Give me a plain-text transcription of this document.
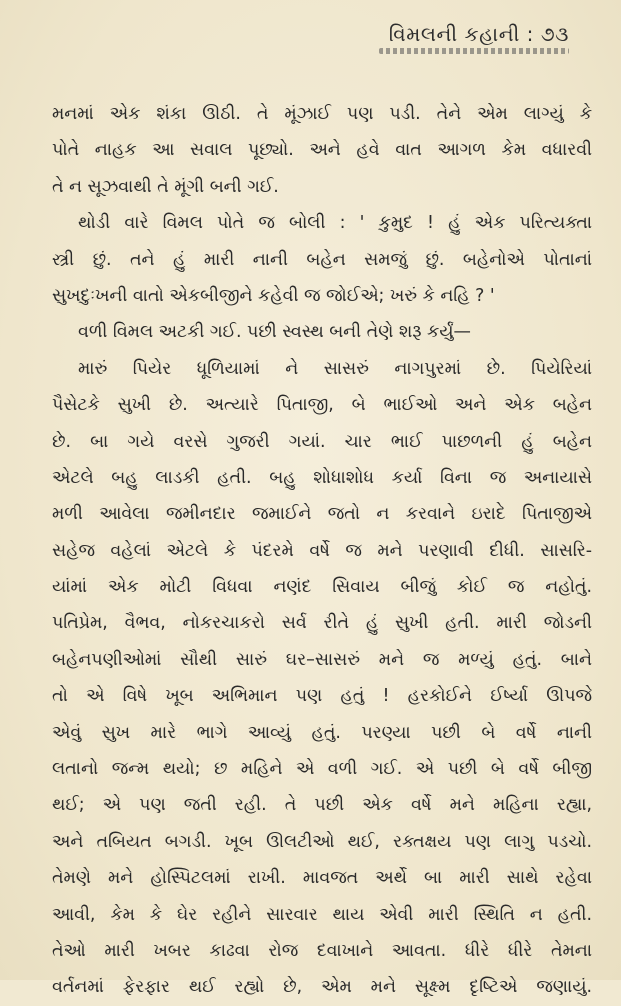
વિમલની કહાની : ૭૩
મનમાં એક શંકા ઊઠી. તે મૂંઝાઈ પણ પડી. તેને એમ લાગ્યું કે
પોતે નાહક આ સવાલ પૂછ્યો. અને હવે વાત આગળ કેમ વધારવી
તે ન સૂઝવાથી તે મૂંગી બની ગઈ.
થોડી વારે વિમલ પોતે જ બોલી : ' કુમુદ ! હું એક પરિત્યક્તા
સ્ત્રી છું. તને હું મારી નાની બહેન સમજું છું. બહેનોએ પોતાનાં
સુખદુઃખની વાતો એકબીજીને કહેવી જ જોઈએ; ખરું કે નહિ ? '
વળી વિમલ અટકી ગઈ. પછી સ્વસ્થ બની તેણે શરૂ કર્યું—
મારું પિયેર ધૂળિયામાં ને સાસરું નાગપુરમાં છે. પિયેરિયાં
પૈસેટકે સુખી છે. અત્યારે પિતાજી, બે ભાઈઓ અને એક બહેન
છે. બા ગયે વરસે ગુજરી ગયાં. ચાર ભાઈ પાછળની હું બહેન
એટલે બહુ લાડકી હતી. બહુ શોધાશોધ કર્યા વિના જ અનાયાસે
મળી આવેલા જમીનદાર જમાઈને જતો ન કરવાને ઇરાદે પિતાજીએ
સહેજ વહેલાં એટલે કે પંદરમે વર્ષે જ મને પરણાવી દીધી. સાસરિ-
યાંમાં એક મોટી વિધવા નણંદ સિવાય બીજું કોઈ જ નહોતું.
પતિપ્રેમ, વૈભવ, નોકરચાકરો સર્વ રીતે હું સુખી હતી. મારી જોડની
બહેનપણીઓમાં સૌથી સારું ઘર–સાસરું મને જ મળ્યું હતું. બાને
તો એ વિષે ખૂબ અભિમાન પણ હતું ! હરકોઈને ઈર્ષ્યા ઊપજે
એવું સુખ મારે ભાગે આવ્યું હતું. પરણ્યા પછી બે વર્ષે નાની
લતાનો જન્મ થયો; છ મહિને એ વળી ગઈ. એ પછી બે વર્ષે બીજી
થઈ; એ પણ જતી રહી. તે પછી એક વર્ષે મને મહિના રહ્યા,
અને તબિયત બગડી. ખૂબ ઊલટીઓ થઈ, રક્તક્ષય પણ લાગુ પડચો.
તેમણે મને હોસ્પિટલમાં રાખી. માવજત અર્થે બા મારી સાથે રહેવા
આવી, કેમ કે ઘેર રહીને સારવાર થાય એવી મારી સ્થિતિ ન હતી.
તેઓ મારી ખબર કાઢવા રોજ દવાખાને આવતા. ધીરે ધીરે તેમના
વર્તનમાં ફેરફાર થઈ રહ્યો છે, એમ મને સૂક્ષ્મ દૃષ્ટિએ જણાયું.
